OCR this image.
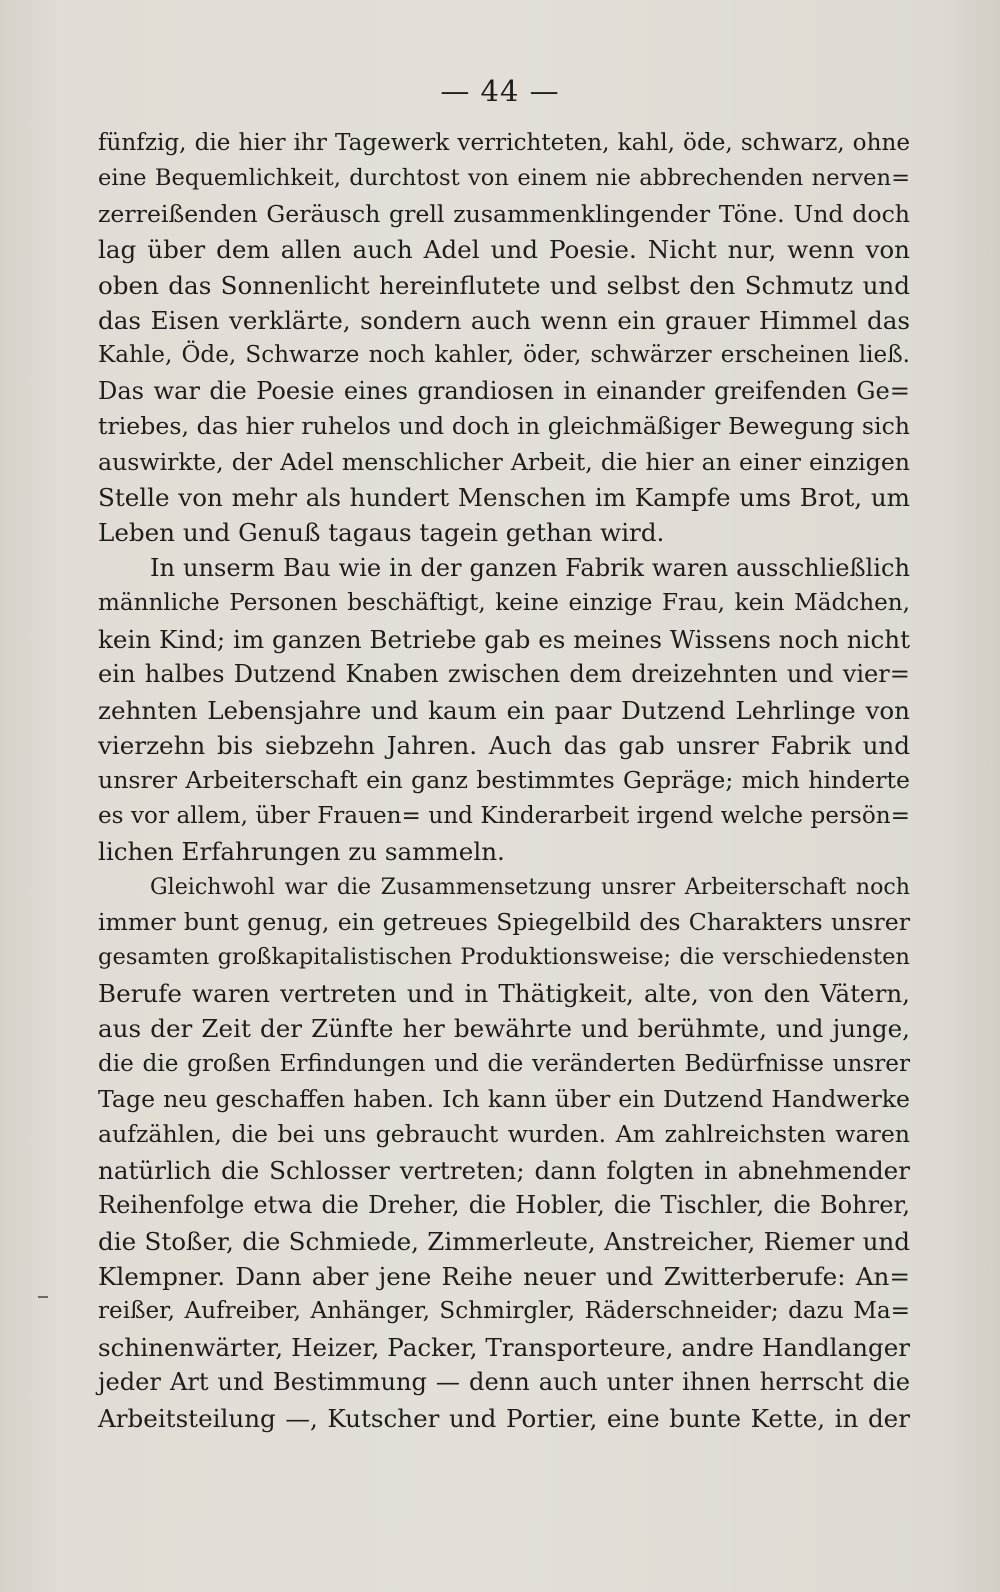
— 44 —
fünfzig, die hier ihr Tagewerk verrichteten, kahl, öde, schwarz, ohne
eine Bequemlichkeit, durchtost von einem nie abbrechenden nerven=
zerreißenden Geräusch grell zusammenklingender Töne. Und doch
lag über dem allen auch Adel und Poesie. Nicht nur, wenn von
oben das Sonnenlicht hereinflutete und selbst den Schmutz und
das Eisen verklärte, sondern auch wenn ein grauer Himmel das
Kahle, Öde, Schwarze noch kahler, öder, schwärzer erscheinen ließ.
Das war die Poesie eines grandiosen in einander greifenden Ge=
triebes, das hier ruhelos und doch in gleichmäßiger Bewegung sich
auswirkte, der Adel menschlicher Arbeit, die hier an einer einzigen
Stelle von mehr als hundert Menschen im Kampfe ums Brot, um
Leben und Genuß tagaus tagein gethan wird.
In unserm Bau wie in der ganzen Fabrik waren ausschließlich
männliche Personen beschäftigt, keine einzige Frau, kein Mädchen,
kein Kind; im ganzen Betriebe gab es meines Wissens noch nicht
ein halbes Dutzend Knaben zwischen dem dreizehnten und vier=
zehnten Lebensjahre und kaum ein paar Dutzend Lehrlinge von
vierzehn bis siebzehn Jahren. Auch das gab unsrer Fabrik und
unsrer Arbeiterschaft ein ganz bestimmtes Gepräge; mich hinderte
es vor allem, über Frauen= und Kinderarbeit irgend welche persön=
lichen Erfahrungen zu sammeln.
Gleichwohl war die Zusammensetzung unsrer Arbeiterschaft noch
immer bunt genug, ein getreues Spiegelbild des Charakters unsrer
gesamten großkapitalistischen Produktionsweise; die verschiedensten
Berufe waren vertreten und in Thätigkeit, alte, von den Vätern,
aus der Zeit der Zünfte her bewährte und berühmte, und junge,
die die großen Erfindungen und die veränderten Bedürfnisse unsrer
Tage neu geschaffen haben. Ich kann über ein Dutzend Handwerke
aufzählen, die bei uns gebraucht wurden. Am zahlreichsten waren
natürlich die Schlosser vertreten; dann folgten in abnehmender
Reihenfolge etwa die Dreher, die Hobler, die Tischler, die Bohrer,
die Stoßer, die Schmiede, Zimmerleute, Anstreicher, Riemer und
Klempner. Dann aber jene Reihe neuer und Zwitterberufe: An=
reißer, Aufreiber, Anhänger, Schmirgler, Räderschneider; dazu Ma=
schinenwärter, Heizer, Packer, Transporteure, andre Handlanger
jeder Art und Bestimmung — denn auch unter ihnen herrscht die
Arbeitsteilung —, Kutscher und Portier, eine bunte Kette, in der
